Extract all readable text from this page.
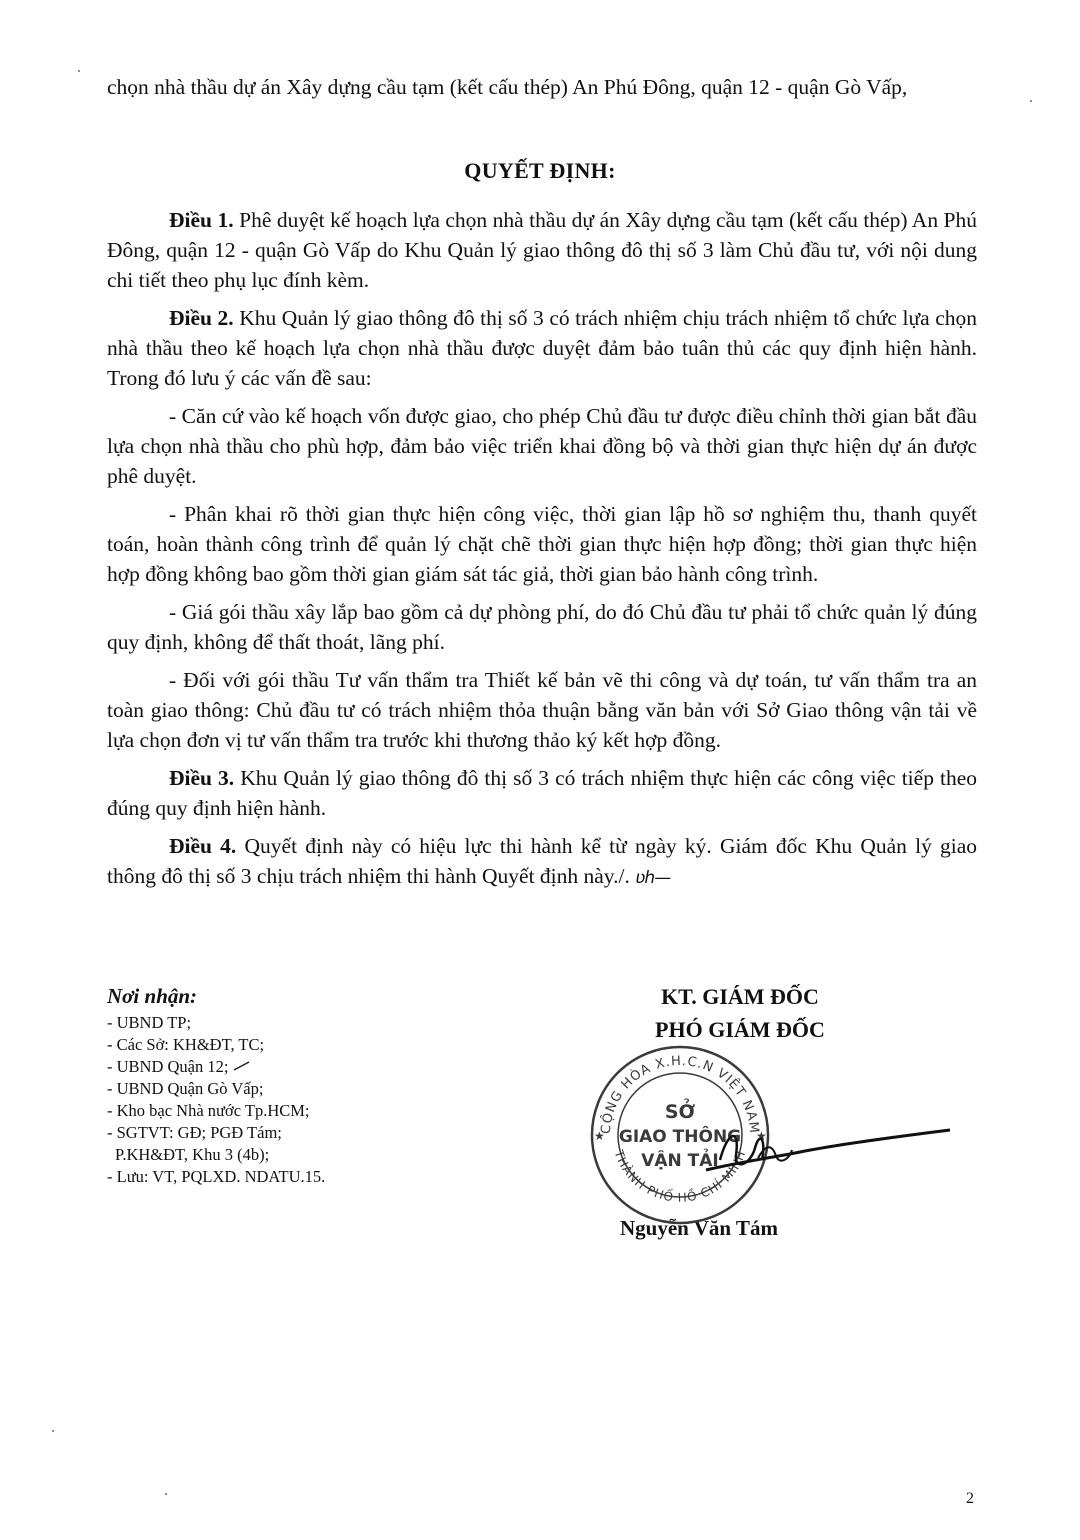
chọn nhà thầu dự án Xây dựng cầu tạm (kết cấu thép) An Phú Đông, quận 12 - quận Gò Vấp,
QUYẾT ĐỊNH:

Điều 1. Phê duyệt kế hoạch lựa chọn nhà thầu dự án Xây dựng cầu tạm (kết cấu thép) An Phú Đông, quận 12 - quận Gò Vấp do Khu Quản lý giao thông đô thị số 3 làm Chủ đầu tư, với nội dung chi tiết theo phụ lục đính kèm.

Điều 2. Khu Quản lý giao thông đô thị số 3 có trách nhiệm chịu trách nhiệm tổ chức lựa chọn nhà thầu theo kế hoạch lựa chọn nhà thầu được duyệt đảm bảo tuân thủ các quy định hiện hành. Trong đó lưu ý các vấn đề sau:

- Căn cứ vào kế hoạch vốn được giao, cho phép Chủ đầu tư được điều chỉnh thời gian bắt đầu lựa chọn nhà thầu cho phù hợp, đảm bảo việc triển khai đồng bộ và thời gian thực hiện dự án được phê duyệt.

- Phân khai rõ thời gian thực hiện công việc, thời gian lập hồ sơ nghiệm thu, thanh quyết toán, hoàn thành công trình để quản lý chặt chẽ thời gian thực hiện hợp đồng; thời gian thực hiện hợp đồng không bao gồm thời gian giám sát tác giả, thời gian bảo hành công trình.

- Giá gói thầu xây lắp bao gồm cả dự phòng phí, do đó Chủ đầu tư phải tổ chức quản lý đúng quy định, không để thất thoát, lãng phí.

- Đối với gói thầu Tư vấn thẩm tra Thiết kế bản vẽ thi công và dự toán, tư vấn thẩm tra an toàn giao thông: Chủ đầu tư có trách nhiệm thỏa thuận bằng văn bản với Sở Giao thông vận tải về lựa chọn đơn vị tư vấn thẩm tra trước khi thương thảo ký kết hợp đồng.

Điều 3. Khu Quản lý giao thông đô thị số 3 có trách nhiệm thực hiện các công việc tiếp theo đúng quy định hiện hành.

Điều 4. Quyết định này có hiệu lực thi hành kể từ ngày ký. Giám đốc Khu Quản lý giao thông đô thị số 3 chịu trách nhiệm thi hành Quyết định này./. ʋh—

Nơi nhận:
- UBND TP;
- Các Sở: KH&ĐT, TC;
- UBND Quận 12;
- UBND Quận Gò Vấp;
- Kho bạc Nhà nước Tp.HCM;
- SGTVT: GĐ; PGĐ Tám;
P.KH&ĐT, Khu 3 (4b);
- Lưu: VT, PQLXD. NDATU.15.
KT. GIÁM ĐỐC
PHÓ GIÁM ĐỐC
Nguyễn Văn Tám
CỘNG HÒA X.H.C.N VIỆT NAM
THÀNH PHỐ HỒ CHÍ MINH
★	★
SỞ
GIAO THÔNG
VẬN TẢI
2
